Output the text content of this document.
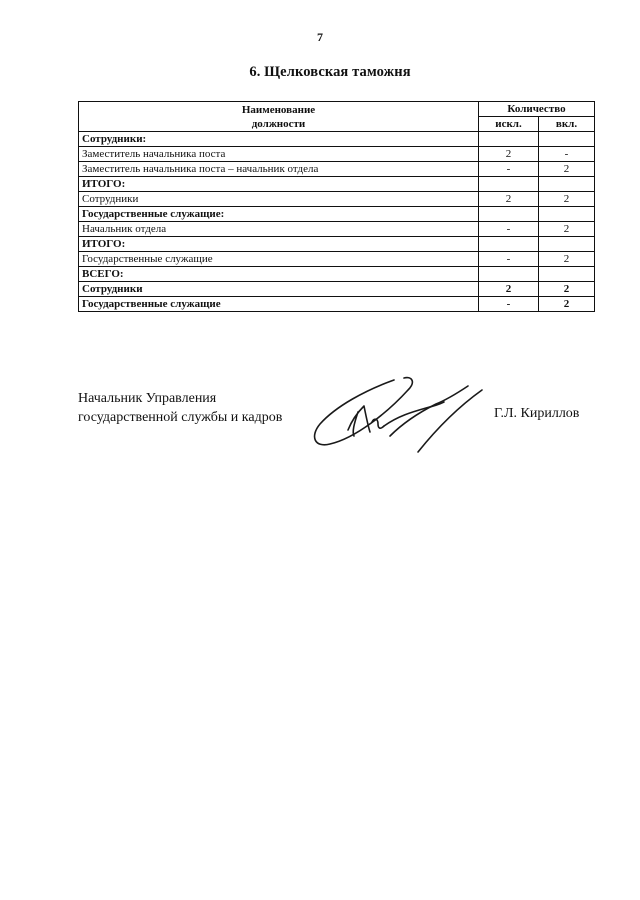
7
6. Щелковская таможня
Наименование
должности	Количество	
	искл.	вкл.
Сотрудники:		
Заместитель начальника поста	2	-
Заместитель начальника поста – начальник отдела	-	2
ИТОГО:		
Сотрудники	2	2
Государственные служащие:		
Начальник отдела	-	2
ИТОГО:		
Государственные служащие	-	2
ВСЕГО:		
Сотрудники	2	2
Государственные служащие	-	2
Начальник Управления
государственной службы и кадров	Г.Л. Кириллов
